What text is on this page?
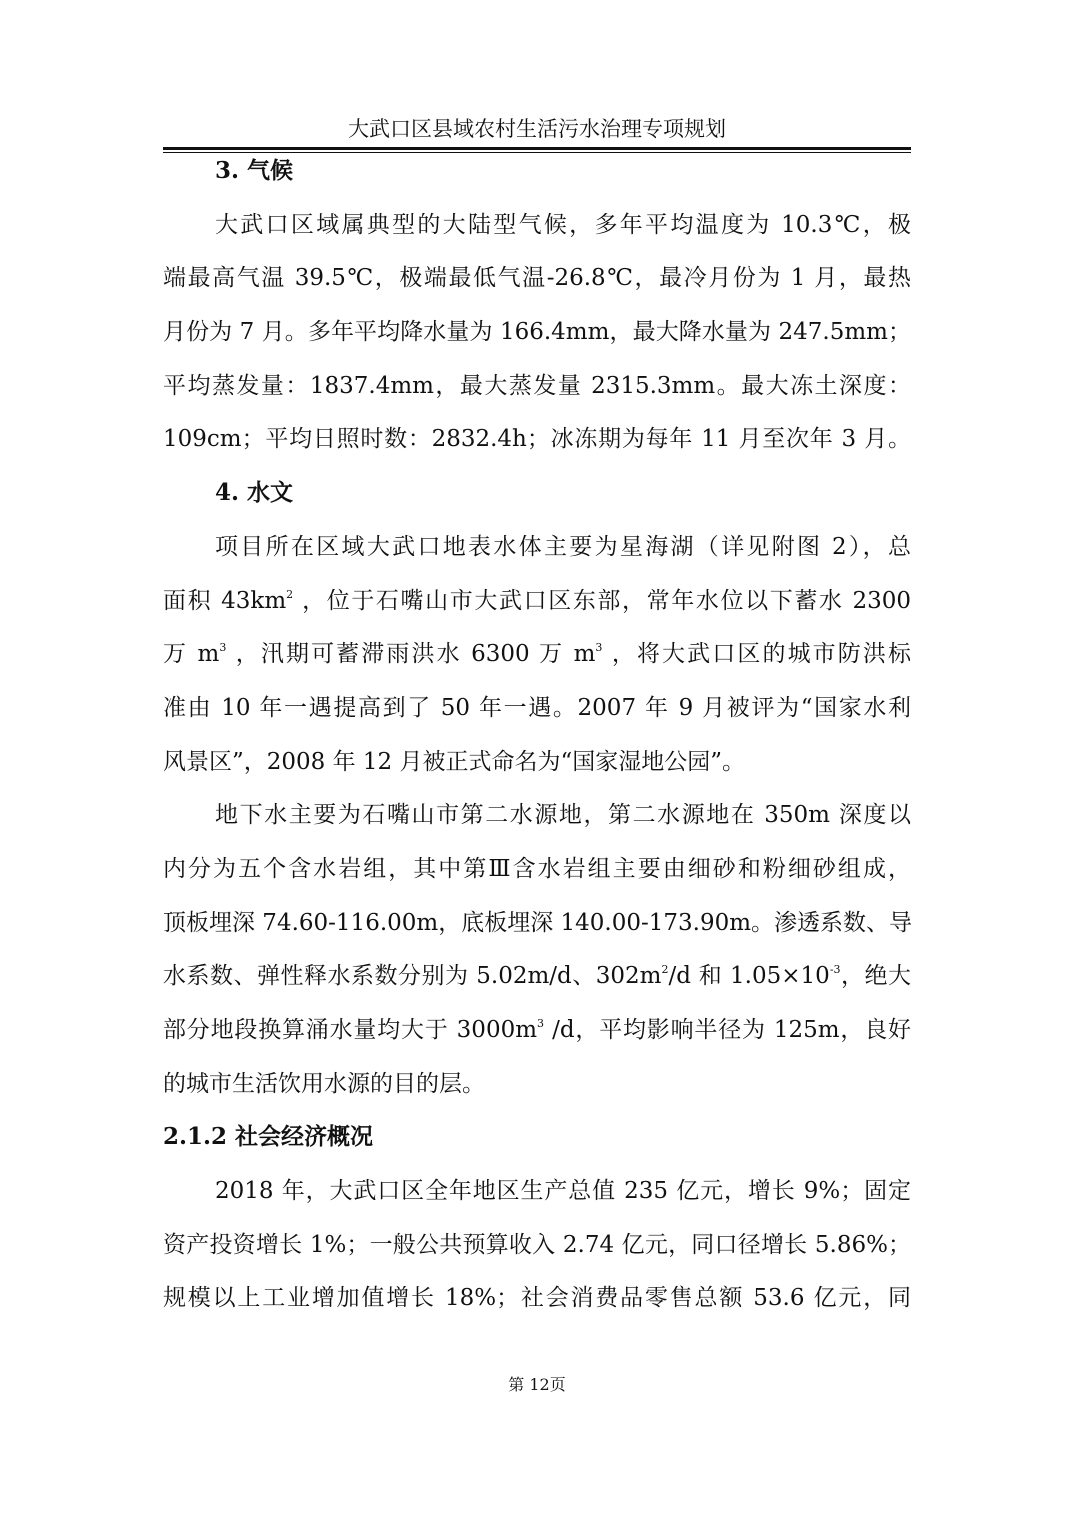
大武口区县域农村生活污水治理专项规划
3. 气候
大武口区域属典型的大陆型气候，多年平均温度为 10.3℃，极
端最高气温 39.5℃，极端最低气温-26.8℃，最冷月份为 1 月，最热
月份为 7 月。多年平均降水量为 166.4mm，最大降水量为 247.5mm；
平均蒸发量：1837.4mm，最大蒸发量 2315.3mm。最大冻土深度：
109cm；平均日照时数：2832.4h；冰冻期为每年 11 月至次年 3 月。
4. 水文
项目所在区域大武口地表水体主要为星海湖（详见附图 2），总
面积 $43km^2$ ，位于石嘴山市大武口区东部，常年水位以下蓄水 2300
万 $m^3$ ，汛期可蓄滞雨洪水 6300 万 $m^3$ ，将大武口区的城市防洪标
准由 10 年一遇提高到了 50 年一遇。2007 年 9 月被评为“国家水利
风景区”，2008 年 12 月被正式命名为“国家湿地公园”。
地下水主要为石嘴山市第二水源地，第二水源地在 350m 深度以
内分为五个含水岩组，其中第Ⅲ含水岩组主要由细砂和粉细砂组成，
顶板埋深 74.60-116.00m，底板埋深 140.00-173.90m。渗透系数、导
水系数、弹性释水系数分别为 5.02m/d、$302m^2/d$ 和 $1.05\times 10^{-3}$，绝大
部分地段换算涌水量均大于 $3000m^3$ /d，平均影响半径为 125m，良好
的城市生活饮用水源的目的层。
2.1.2 社会经济概况
2018 年，大武口区全年地区生产总值 235 亿元，增长 9%；固定
资产投资增长 1%；一般公共预算收入 2.74 亿元，同口径增长 5.86%；
规模以上工业增加值增长 18%；社会消费品零售总额 53.6 亿元，同
第 12页
